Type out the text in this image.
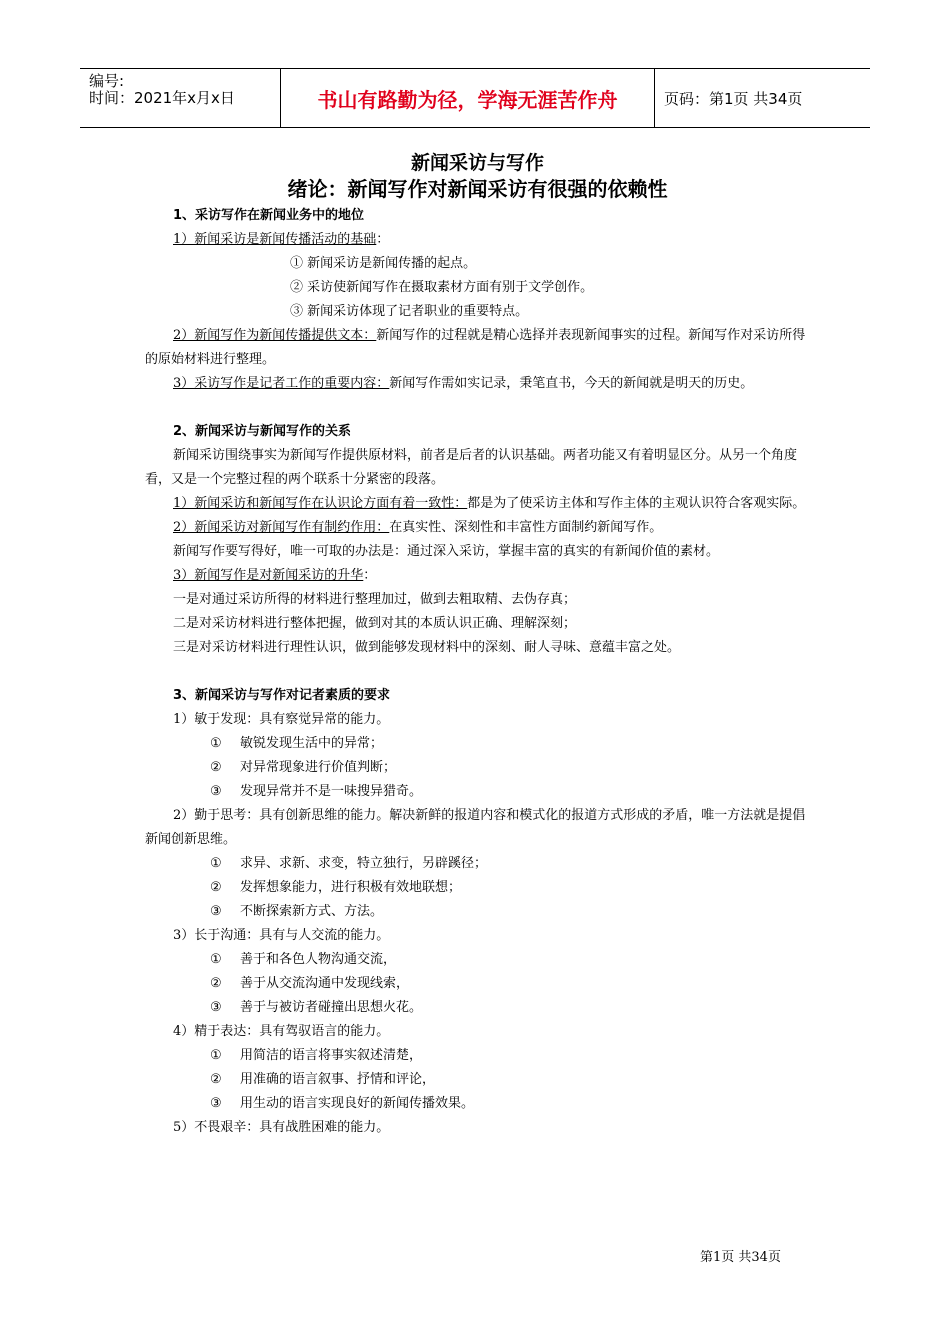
编号:
时间：2021年x月x日	书山有路勤为径，学海无涯苦作舟	页码：第1页 共34页
新闻采访与写作
绪论：新闻写作对新闻采访有很强的依赖性
1、采访写作在新闻业务中的地位

1）新闻采访是新闻传播活动的基础：

① 新闻采访是新闻传播的起点。

② 采访使新闻写作在摄取素材方面有别于文学创作。

③ 新闻采访体现了记者职业的重要特点。

2）新闻写作为新闻传播提供文本：新闻写作的过程就是精心选择并表现新闻事实的过程。新闻写作对采访所得的原始材料进行整理。

3）采访写作是记者工作的重要内容：新闻写作需如实记录，秉笔直书，今天的新闻就是明天的历史。

2、新闻采访与新闻写作的关系

新闻采访围绕事实为新闻写作提供原材料，前者是后者的认识基础。两者功能又有着明显区分。从另一个角度看，又是一个完整过程的两个联系十分紧密的段落。

1）新闻采访和新闻写作在认识论方面有着一致性：都是为了使采访主体和写作主体的主观认识符合客观实际。

2）新闻采访对新闻写作有制约作用：在真实性、深刻性和丰富性方面制约新闻写作。

新闻写作要写得好，唯一可取的办法是：通过深入采访，掌握丰富的真实的有新闻价值的素材。

3）新闻写作是对新闻采访的升华：

一是对通过采访所得的材料进行整理加过，做到去粗取精、去伪存真；

二是对采访材料进行整体把握，做到对其的本质认识正确、理解深刻；

三是对采访材料进行理性认识，做到能够发现材料中的深刻、耐人寻味、意蕴丰富之处。

3、新闻采访与写作对记者素质的要求

1）敏于发现：具有察觉异常的能力。

① 敏锐发现生活中的异常；

② 对异常现象进行价值判断；

③ 发现异常并不是一味搜异猎奇。

2）勤于思考：具有创新思维的能力。解决新鲜的报道内容和模式化的报道方式形成的矛盾，唯一方法就是提倡新闻创新思维。

① 求异、求新、求变，特立独行，另辟蹊径；

② 发挥想象能力，进行积极有效地联想；

③ 不断探索新方式、方法。

3）长于沟通：具有与人交流的能力。

① 善于和各色人物沟通交流，

② 善于从交流沟通中发现线索，

③ 善于与被访者碰撞出思想火花。

4）精于表达：具有驾驭语言的能力。

① 用简洁的语言将事实叙述清楚，

② 用准确的语言叙事、抒情和评论，

③ 用生动的语言实现良好的新闻传播效果。

5）不畏艰辛：具有战胜困难的能力。

第1页 共34页
